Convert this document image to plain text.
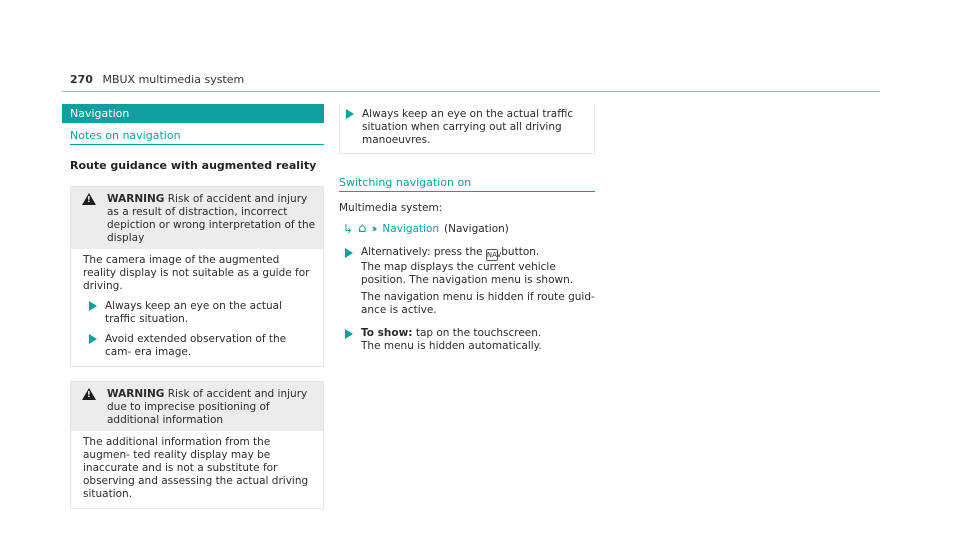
270 MBUX multimedia system
Navigation
Notes on navigation
Route guidance with augmented reality
! WARNING Risk of accident and injury as a result of distraction, incorrect depiction or wrong interpretation of the display
The camera image of the augmented reality display is not suitable as a guide for driving.
Always keep an eye on the actual traffic situation.
Avoid extended observation of the cam- era image.
! WARNING Risk of accident and injury due to imprecise positioning of additional information
The additional information from the augmen- ted reality display may be inaccurate and is not a substitute for observing and assessing the actual driving situation.
Always keep an eye on the actual traffic situation when carrying out all driving manoeuvres.
Switching navigation on
Multimedia system:
↳ ⌂ ›› Navigation (Navigation)
Alternatively: press the NAV button.
The map displays the current vehicle position. The navigation menu is shown.
The navigation menu is hidden if route guid- ance is active.
To show: tap on the touchscreen.
The menu is hidden automatically.
